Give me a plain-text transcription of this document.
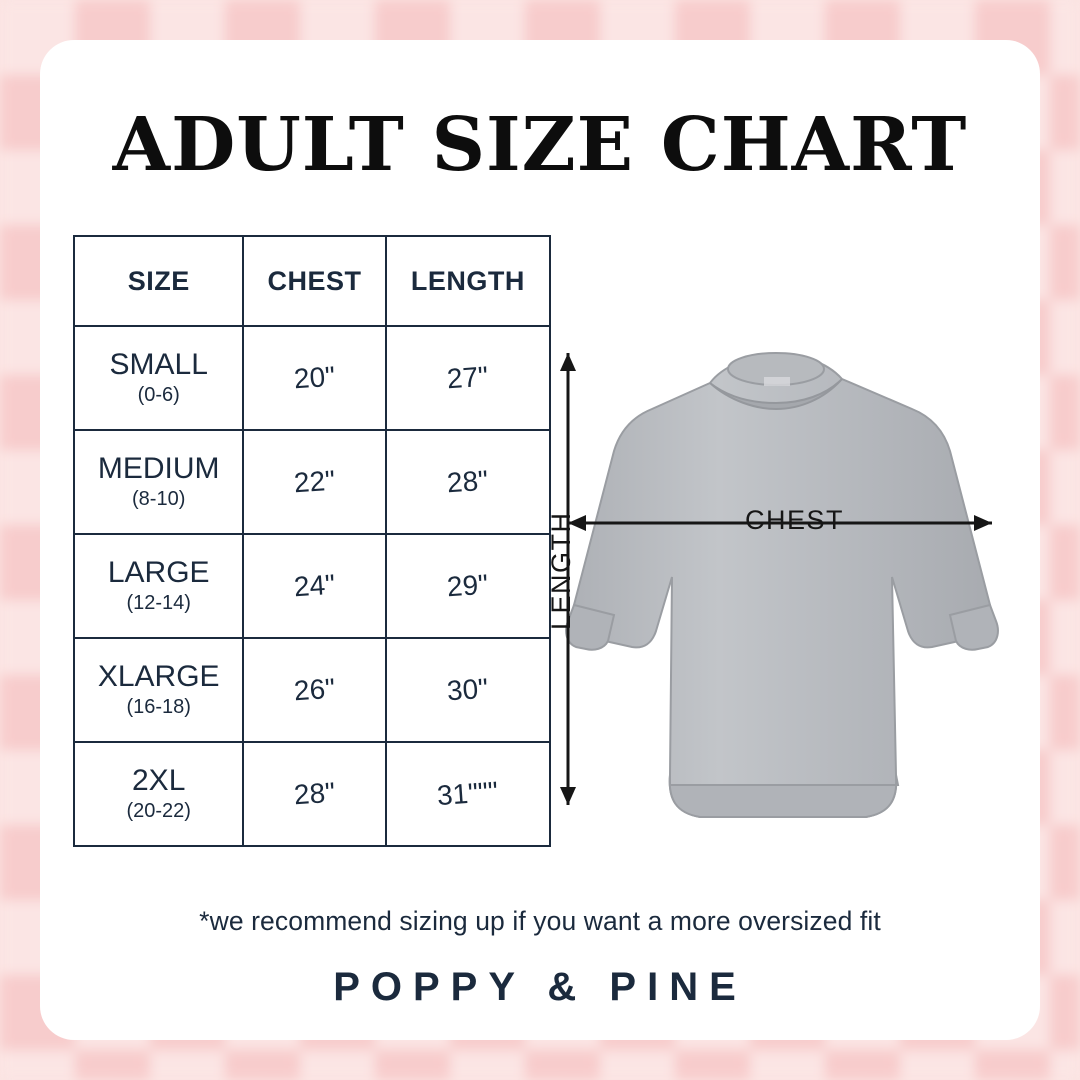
ADULT SIZE CHART
SIZE	CHEST	LENGTH

SMALL
(0-6)	20"	27"

MEDIUM
(8-10)	22"	28"

LARGE
(12-14)	24"	29"

XLARGE
(16-18)	26"	30"

2XL
(20-22)	28"	31"""
CHEST
LENGTH
*we recommend sizing up if you want a more oversized fit
POPPY & PINE
